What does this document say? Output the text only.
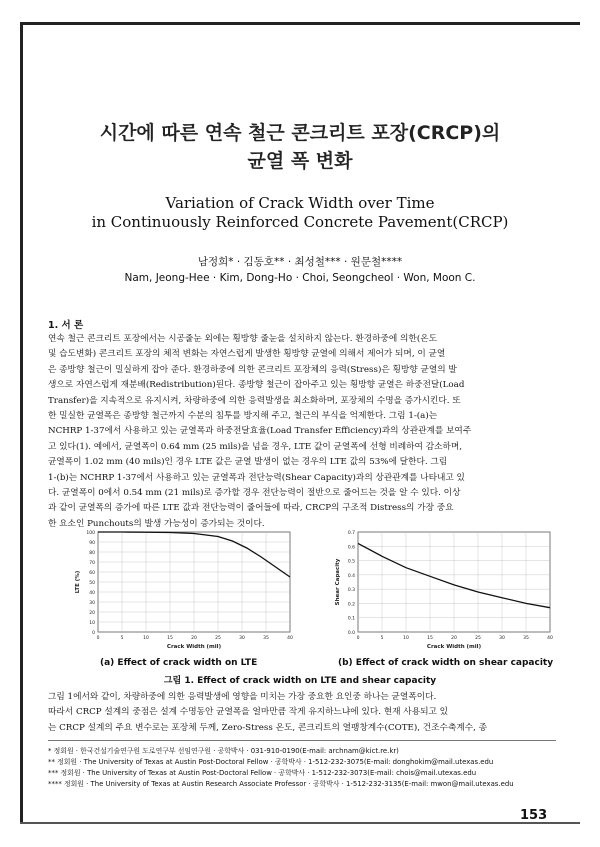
시간에 따른 연속 철근 콘크리트 포장(CRCP)의
균열 폭 변화
Variation of Crack Width over Time
in Continuously Reinforced Concrete Pavement(CRCP)
남정희* · 김동호** · 최성철*** · 원문철****
Nam, Jeong-Hee · Kim, Dong-Ho · Choi, Seongcheol · Won, Moon C.
1. 서 론
연속 철근 콘크리트 포장에서는 시공줄눈 외에는 횡방향 줄눈을 설치하지 않는다. 환경하중에 의한(온도
및 습도변화) 콘크리트 포장의 체적 변화는 자연스럽게 발생한 횡방향 균열에 의해서 제어가 되며, 이 균열
은 종방향 철근이 밀실하게 잡아 준다. 환경하중에 의한 콘크리트 포장체의 응력(Stress)은 횡방향 균열의 발
생으로 자연스럽게 재분배(Redistribution)된다. 종방향 철근이 잡아주고 있는 횡방향 균열은 하중전달(Load
Transfer)을 지속적으로 유지시켜, 차량하중에 의한 응력발생을 최소화하며, 포장체의 수명을 증가시킨다. 또
한 밀실한 균열폭은 종방향 철근까지 수분의 침투를 방지해 주고, 철근의 부식을 억제한다. 그림 1-(a)는
NCHRP 1-37에서 사용하고 있는 균열폭과 하중전달효율(Load Transfer Efficiency)과의 상관관계를 보여주
고 있다(1). 예에서, 균열폭이 0.64 mm (25 mils)을 넘을 경우, LTE 값이 균열폭에 선형 비례하여 감소하며,
균열폭이 1.02 mm (40 mils)인 경우 LTE 값은 균열 발생이 없는 경우의 LTE 값의 53%에 달한다. 그림
1-(b)는 NCHRP 1-37에서 사용하고 있는 균열폭과 전단능력(Shear Capacity)과의 상관관계를 나타내고 있
다. 균열폭이 0에서 0.54 mm (21 mils)로 증가할 경우 전단능력이 절반으로 줄어드는 것을 알 수 있다. 이상
과 같이 균열폭의 증가에 따른 LTE 값과 전단능력이 줄어들에 따라, CRCP의 구조적 Distress의 가장 중요
한 요소인 Punchouts의 발생 가능성이 증가되는 것이다.
0
10
20
30
40
50
60
70
80
90
100
0	5	10	15	20	25	30	35	40
Crack Width (mil)
LTE (%)
0.0
0.1
0.2
0.3
0.4
0.5
0.6
0.7
0	5	10	15	20	25	30	35	40
Crack Width (mil)
Shear Capacity
(a) Effect of crack width on LTE	(b) Effect of crack width on shear capacity
그림 1. Effect of crack width on LTE and shear capacity
그림 1에서와 같이, 차량하중에 의한 응력발생에 영향을 미치는 가장 중요한 요인중 하나는 균열폭이다.
따라서 CRCP 설계의 중점은 설계 수명동안 균열폭을 얼마만큼 작게 유지하느냐에 있다. 현재 사용되고 있
는 CRCP 설계의 주요 변수로는 포장체 두께, Zero-Stress 온도, 콘크리트의 열팽창계수(COTE), 건조수축계수, 종
* 정회원 · 한국건설기술연구원 도로연구부 선임연구원 · 공학박사 · 031-910-0190(E-mail: archnam@kict.re.kr)
** 정회원 · The University of Texas at Austin Post-Doctoral Fellow · 공학박사 · 1-512-232-3075(E-mail: donghokim@mail.utexas.edu
*** 정회원 · The University of Texas at Austin Post-Doctoral Fellow · 공학박사 · 1-512-232-3073(E-mail: chois@mail.utexas.edu
**** 정회원 · The University of Texas at Austin Research Associate Professor · 공학박사 · 1-512-232-3135(E-mail: mwon@mail.utexas.edu
153
